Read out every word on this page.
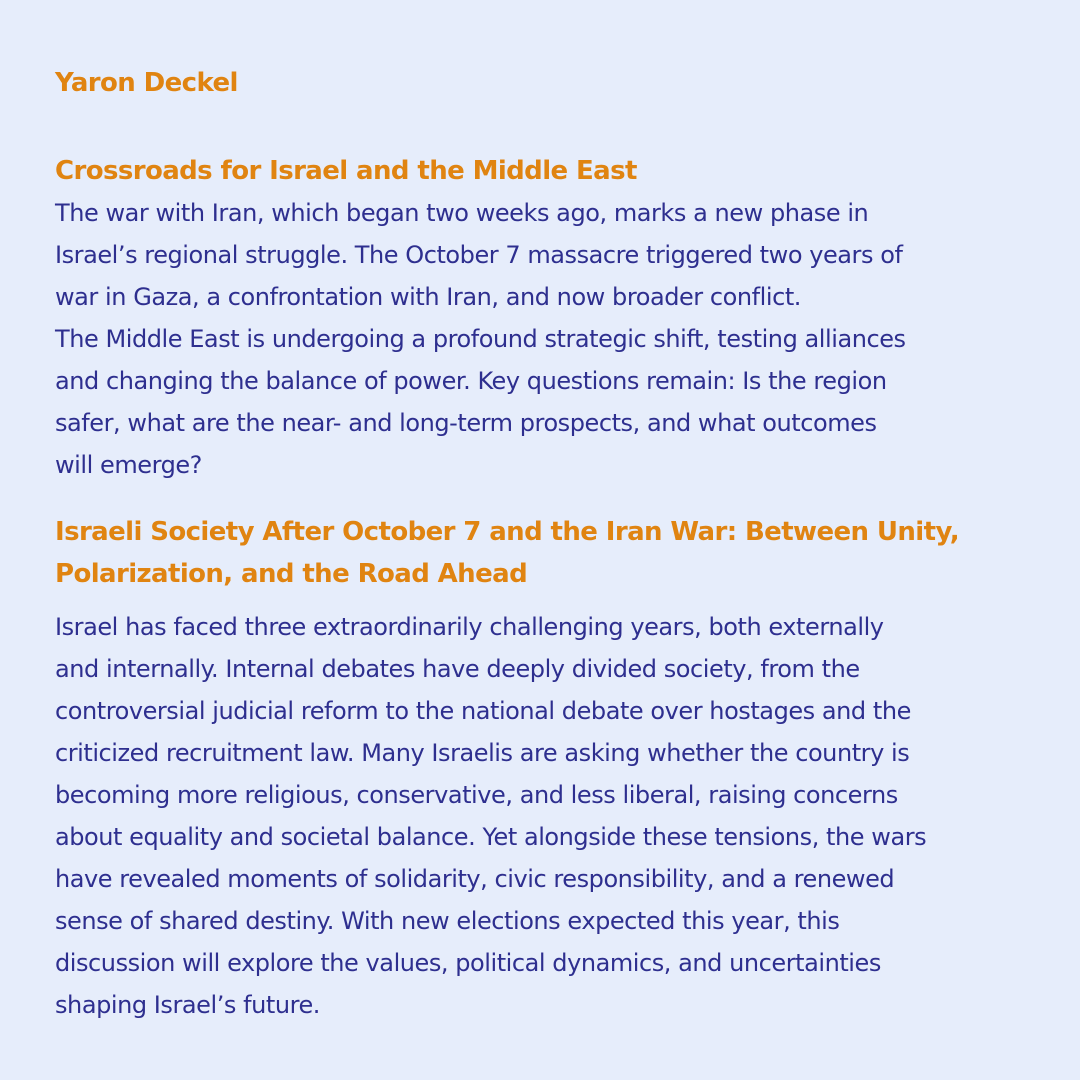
Yaron Deckel
Crossroads for Israel and the Middle East

The war with Iran, which began two weeks ago, marks a new phase in
Israel’s regional struggle. The October 7 massacre triggered two years of
war in Gaza, a confrontation with Iran, and now broader conflict.
The Middle East is undergoing a profound strategic shift, testing alliances
and changing the balance of power. Key questions remain: Is the region
safer, what are the near- and long-term prospects, and what outcomes
will emerge?

Israeli Society After October 7 and the Iran War: Between Unity,
Polarization, and the Road Ahead

Israel has faced three extraordinarily challenging years, both externally
and internally. Internal debates have deeply divided society, from the
controversial judicial reform to the national debate over hostages and the
criticized recruitment law. Many Israelis are asking whether the country is
becoming more religious, conservative, and less liberal, raising concerns
about equality and societal balance. Yet alongside these tensions, the wars
have revealed moments of solidarity, civic responsibility, and a renewed
sense of shared destiny. With new elections expected this year, this
discussion will explore the values, political dynamics, and uncertainties
shaping Israel’s future.
